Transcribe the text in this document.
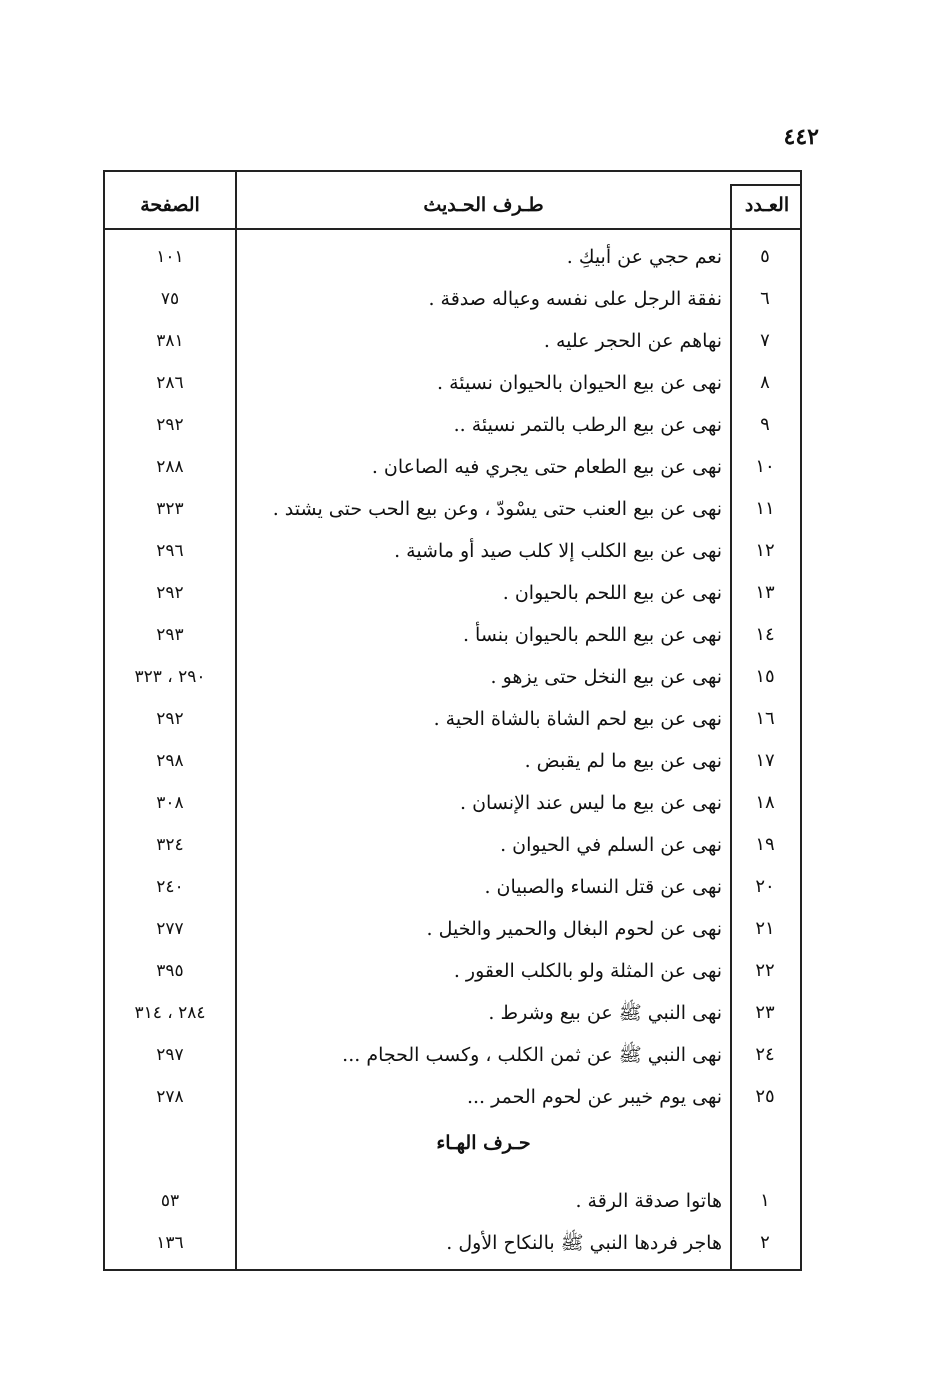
٤٤٢
الصفحة	طـرف الحـديث	العـدد
٥
نعم حجي عن أبيكِ .
١٠١
٦
نفقة الرجل على نفسه وعياله صدقة .
٧٥
٧
نهاهم عن الحجر عليه .
٣٨١
٨
نهى عن بيع الحيوان بالحيوان نسيئة .
٢٨٦
٩
نهى عن بيع الرطب بالتمر نسيئة ..
٢٩٢
١٠
نهى عن بيع الطعام حتى يجري فيه الصاعان .
٢٨٨
١١
نهى عن بيع العنب حتى يسْودّ ، وعن بيع الحب حتى يشتد .
٣٢٣
١٢
نهى عن بيع الكلب إلا كلب صيد أو ماشية .
٢٩٦
١٣
نهى عن بيع اللحم بالحيوان .
٢٩٢
١٤
نهى عن بيع اللحم بالحيوان بنسأ .
٢٩٣
١٥
نهى عن بيع النخل حتى يزهو .
٢٩٠ ، ٣٢٣
١٦
نهى عن بيع لحم الشاة بالشاة الحية .
٢٩٢
١٧
نهى عن بيع ما لم يقبض .
٢٩٨
١٨
نهى عن بيع ما ليس عند الإنسان .
٣٠٨
١٩
نهى عن السلم في الحيوان .
٣٢٤
٢٠
نهى عن قتل النساء والصبيان .
٢٤٠
٢١
نهى عن لحوم البغال والحمير والخيل .
٢٧٧
٢٢
نهى عن المثلة ولو بالكلب العقور .
٣٩٥
٢٣
نهى النبي ﷺ عن بيع وشرط .
٢٨٤ ، ٣١٤
٢٤
نهى النبي ﷺ عن ثمن الكلب ، وكسب الحجام ...
٢٩٧
٢٥
نهى يوم خيبر عن لحوم الحمر ...
٢٧٨
حـرف الهـاء
١
هاتوا صدقة الرقة .
٥٣
٢
هاجر فردها النبي ﷺ بالنكاح الأول .
١٣٦
